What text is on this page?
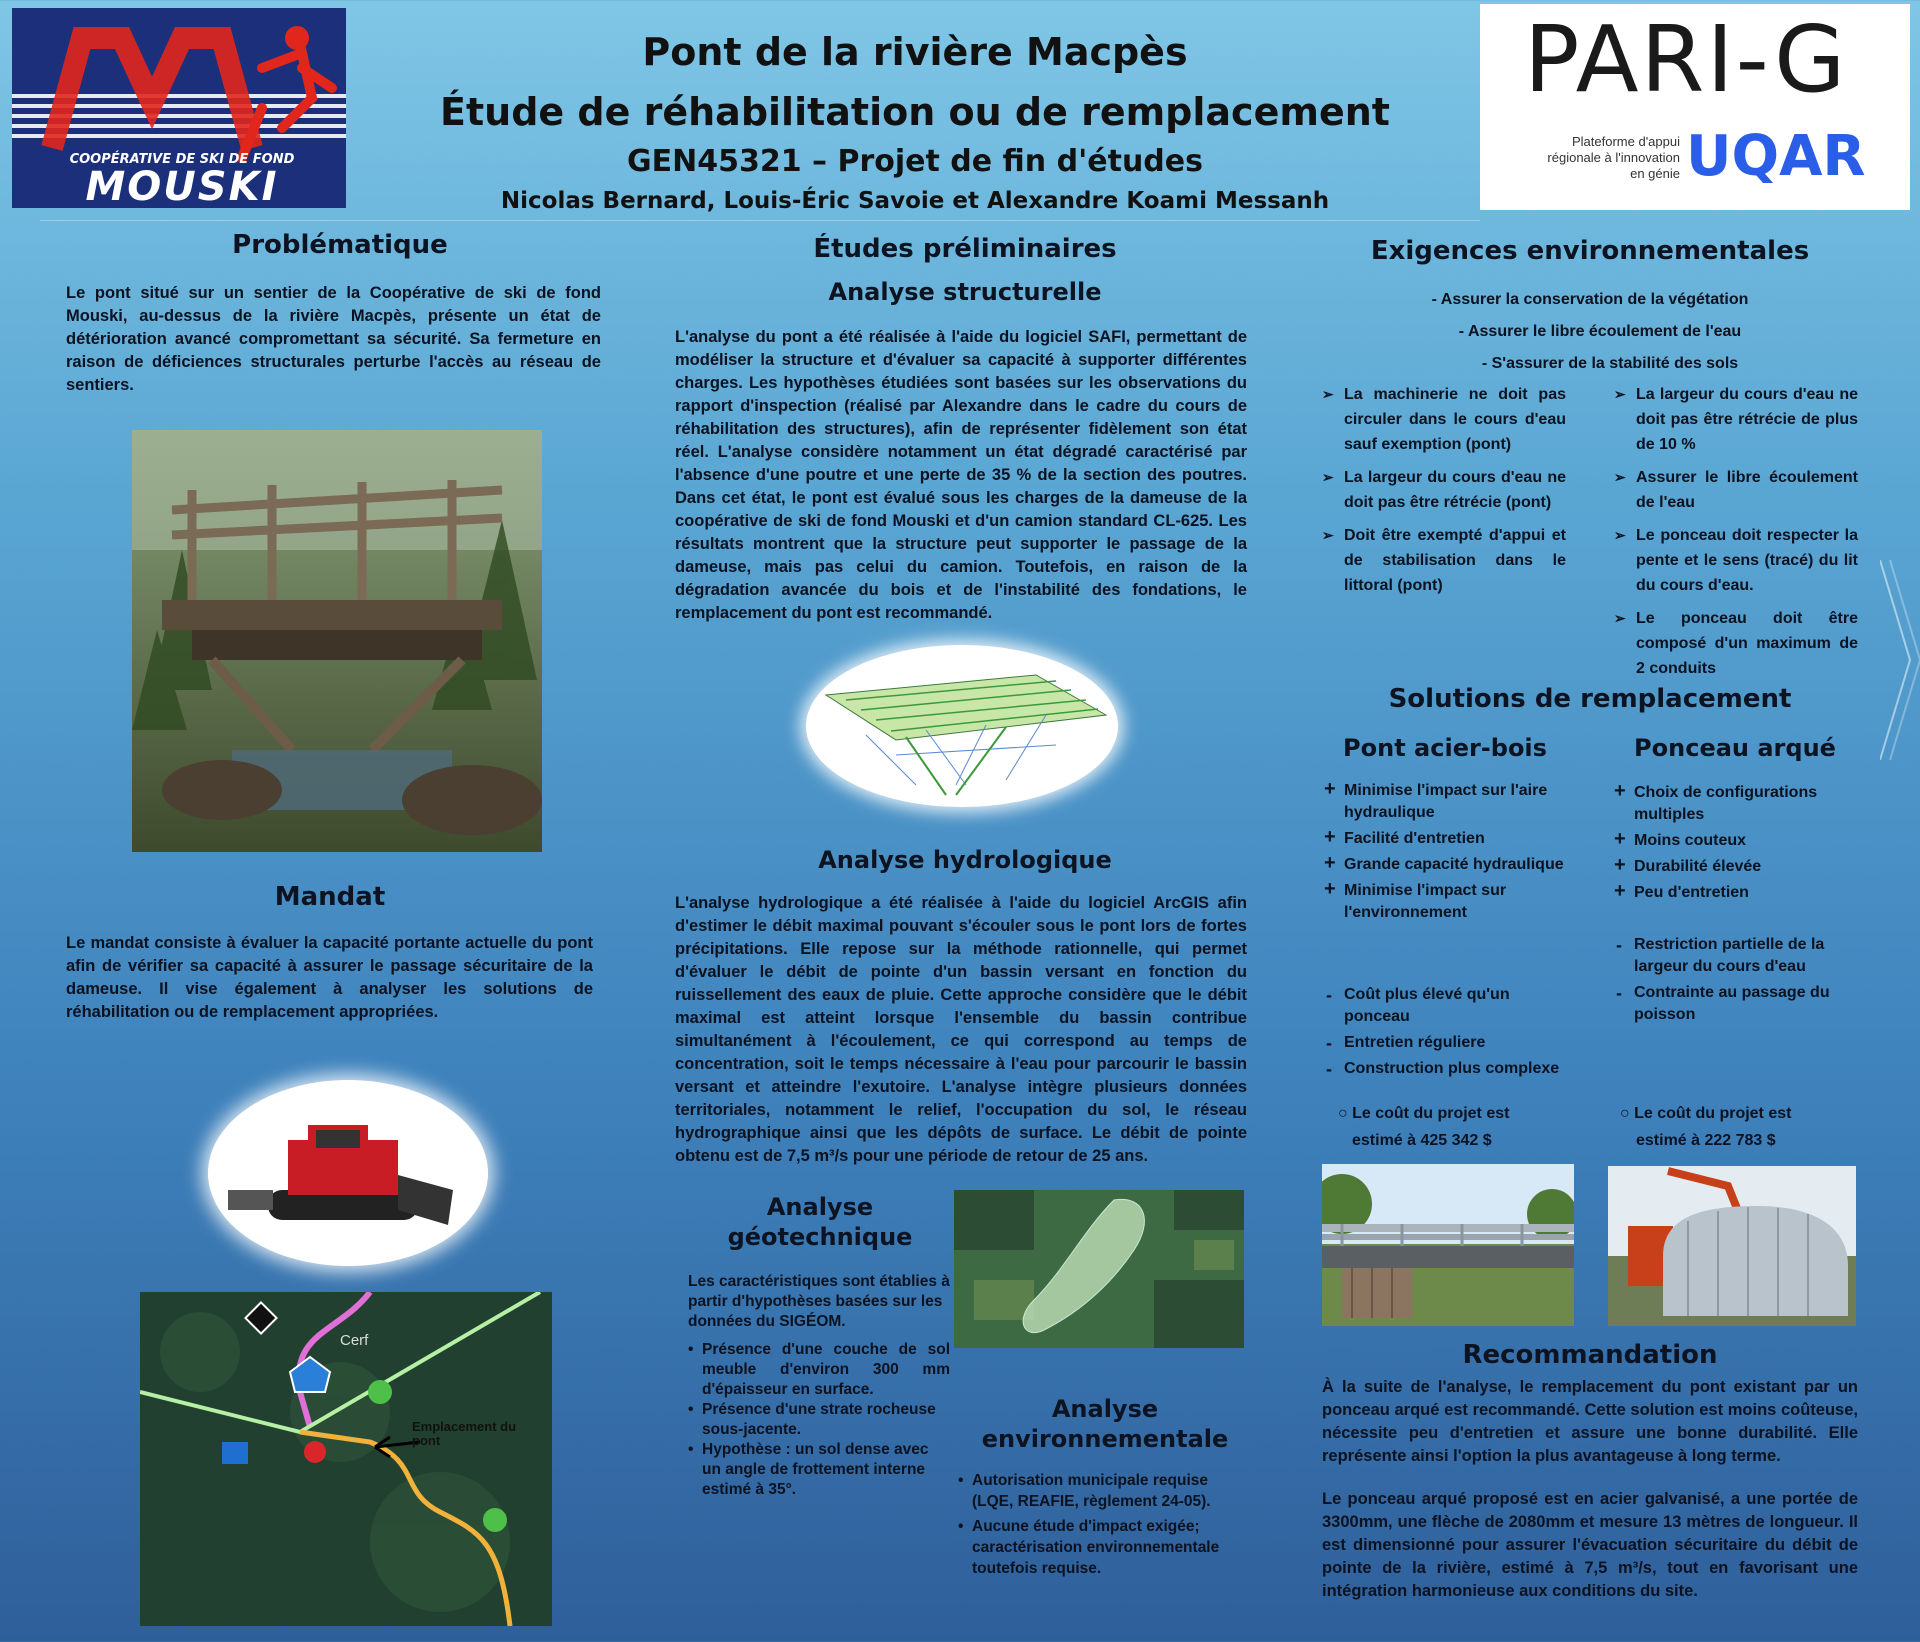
COOPÉRATIVE DE SKI DE FOND
MOUSKI
PARI-G
Plateforme d'appui
régionale à l'innovation
en génie UQAR
Pont de la rivière Macpès
Étude de réhabilitation ou de remplacement
GEN45321 – Projet de fin d'études
Nicolas Bernard, Louis-Éric Savoie et Alexandre Koami Messanh
Problématique
Le pont situé sur un sentier de la Coopérative de ski de fond Mouski, au-dessus de la rivière Macpès, présente un état de détérioration avancé compromettant sa sécurité. Sa fermeture en raison de déficiences structurales perturbe l'accès au réseau de sentiers.
Mandat
Le mandat consiste à évaluer la capacité portante actuelle du pont afin de vérifier sa capacité à assurer le passage sécuritaire de la dameuse. Il vise également à analyser les solutions de réhabilitation ou de remplacement appropriées.
Cerf
Emplacement du pont
Études préliminaires
Analyse structurelle
L'analyse du pont a été réalisée à l'aide du logiciel SAFI, permettant de modéliser la structure et d'évaluer sa capacité à supporter différentes charges. Les hypothèses étudiées sont basées sur les observations du rapport d'inspection (réalisé par Alexandre dans le cadre du cours de réhabilitation des structures), afin de représenter fidèlement son état réel. L'analyse considère notamment un état dégradé caractérisé par l'absence d'une poutre et une perte de 35 % de la section des poutres. Dans cet état, le pont est évalué sous les charges de la dameuse de la coopérative de ski de fond Mouski et d'un camion standard CL-625. Les résultats montrent que la structure peut supporter le passage de la dameuse, mais pas celui du camion. Toutefois, en raison de la dégradation avancée du bois et de l'instabilité des fondations, le remplacement du pont est recommandé.
Analyse hydrologique
L'analyse hydrologique a été réalisée à l'aide du logiciel ArcGIS afin d'estimer le débit maximal pouvant s'écouler sous le pont lors de fortes précipitations. Elle repose sur la méthode rationnelle, qui permet d'évaluer le débit de pointe d'un bassin versant en fonction du ruissellement des eaux de pluie. Cette approche considère que le débit maximal est atteint lorsque l'ensemble du bassin contribue simultanément à l'écoulement, ce qui correspond au temps de concentration, soit le temps nécessaire à l'eau pour parcourir le bassin versant et atteindre l'exutoire. L'analyse intègre plusieurs données territoriales, notamment le relief, l'occupation du sol, le réseau hydrographique ainsi que les dépôts de surface. Le débit de pointe obtenu est de 7,5 m³/s pour une période de retour de 25 ans.
Analyse
géotechnique
Les caractéristiques sont établies à partir d'hypothèses basées sur les données du SIGÉOM.
• Présence d'une couche de sol meuble d'environ 300 mm d'épaisseur en surface.
• Présence d'une strate rocheuse sous-jacente.
• Hypothèse : un sol dense avec un angle de frottement interne estimé à 35°.
Analyse
environnementale
• Autorisation municipale requise (LQE, REAFIE, règlement 24-05).
• Aucune étude d'impact exigée; caractérisation environnementale toutefois requise.
Exigences environnementales
- Assurer la conservation de la végétation
- Assurer le libre écoulement de l'eau
- S'assurer de la stabilité des sols
➢ La machinerie ne doit pas circuler dans le cours d'eau sauf exemption (pont)
➢ La largeur du cours d'eau ne doit pas être rétrécie (pont)
➢ Doit être exempté d'appui et de stabilisation dans le littoral (pont)
➢ La largeur du cours d'eau ne doit pas être rétrécie de plus de 10 %
➢ Assurer le libre écoulement de l'eau
➢ Le ponceau doit respecter la pente et le sens (tracé) du lit du cours d'eau.
➢ Le ponceau doit être composé d'un maximum de 2 conduits
Solutions de remplacement
Pont acier-bois	Ponceau arqué
+ Minimise l'impact sur l'aire hydraulique
+ Facilité d'entretien
+ Grande capacité hydraulique
+ Minimise l'impact sur l'environnement
- Coût plus élevé qu'un ponceau
- Entretien réguliere
- Construction plus complexe
+ Choix de configurations multiples
+ Moins couteux
+ Durabilité élevée
+ Peu d'entretien
- Restriction partielle de la largeur du cours d'eau
- Contrainte au passage du poisson
○ Le coût du projet est
estimé à 425 342 $
○ Le coût du projet est
estimé à 222 783 $
Recommandation
À la suite de l'analyse, le remplacement du pont existant par un ponceau arqué est recommandé. Cette solution est moins coûteuse, nécessite peu d'entretien et assure une bonne durabilité. Elle représente ainsi l'option la plus avantageuse à long terme.
Le ponceau arqué proposé est en acier galvanisé, a une portée de 3300mm, une flèche de 2080mm et mesure 13 mètres de longueur. Il est dimensionné pour assurer l'évacuation sécuritaire du débit de pointe de la rivière, estimé à 7,5 m³/s, tout en favorisant une intégration harmonieuse aux conditions du site.
